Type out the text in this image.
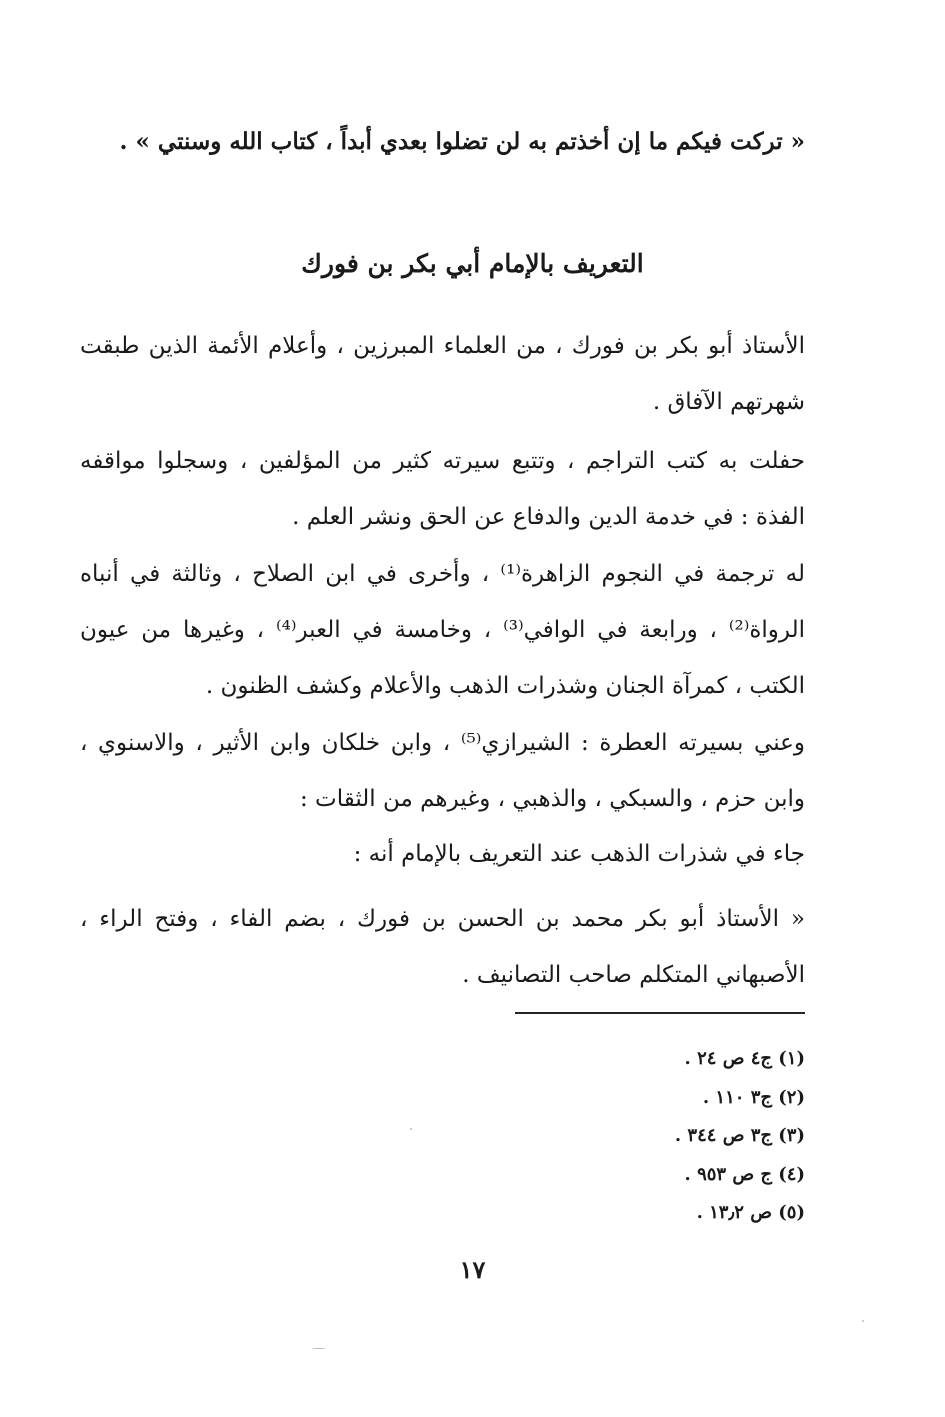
« تركت فيكم ما إن أخذتم به لن تضلوا بعدي أبداً ، كتاب الله وسنتي » .
التعريف بالإمام أبي بكر بن فورك
الأستاذ أبو بكر بن فورك ، من العلماء المبرزين ، وأعلام الأئمة الذين طبقت شهرتهم الآفاق .
حفلت به كتب التراجم ، وتتبع سيرته كثير من المؤلفين ، وسجلوا مواقفه الفذة : في خدمة الدين والدفاع عن الحق ونشر العلم .
له ترجمة في النجوم الزاهرة⁽¹⁾ ، وأخرى في ابن الصلاح ، وثالثة في أنباه الرواة⁽²⁾ ، ورابعة في الوافي⁽³⁾ ، وخامسة في العبر⁽⁴⁾ ، وغيرها من عيون الكتب ، كمرآة الجنان وشذرات الذهب والأعلام وكشف الظنون .
وعني بسيرته العطرة : الشيرازي⁽⁵⁾ ، وابن خلكان وابن الأثير ، والاسنوي ، وابن حزم ، والسبكي ، والذهبي ، وغيرهم من الثقات :
جاء في شذرات الذهب عند التعريف بالإمام أنه :
« الأستاذ أبو بكر محمد بن الحسن بن فورك ، بضم الفاء ، وفتح الراء ، الأصبهاني المتكلم صاحب التصانيف .
(١) ج٤ ص ٢٤ .
(٢) ج٣ ١١٠ .
(٣) ج٣ ص ٣٤٤ .
(٤) ج ص ٩٥٣ .
(٥) ص ١٣٫٢ .
١٧
